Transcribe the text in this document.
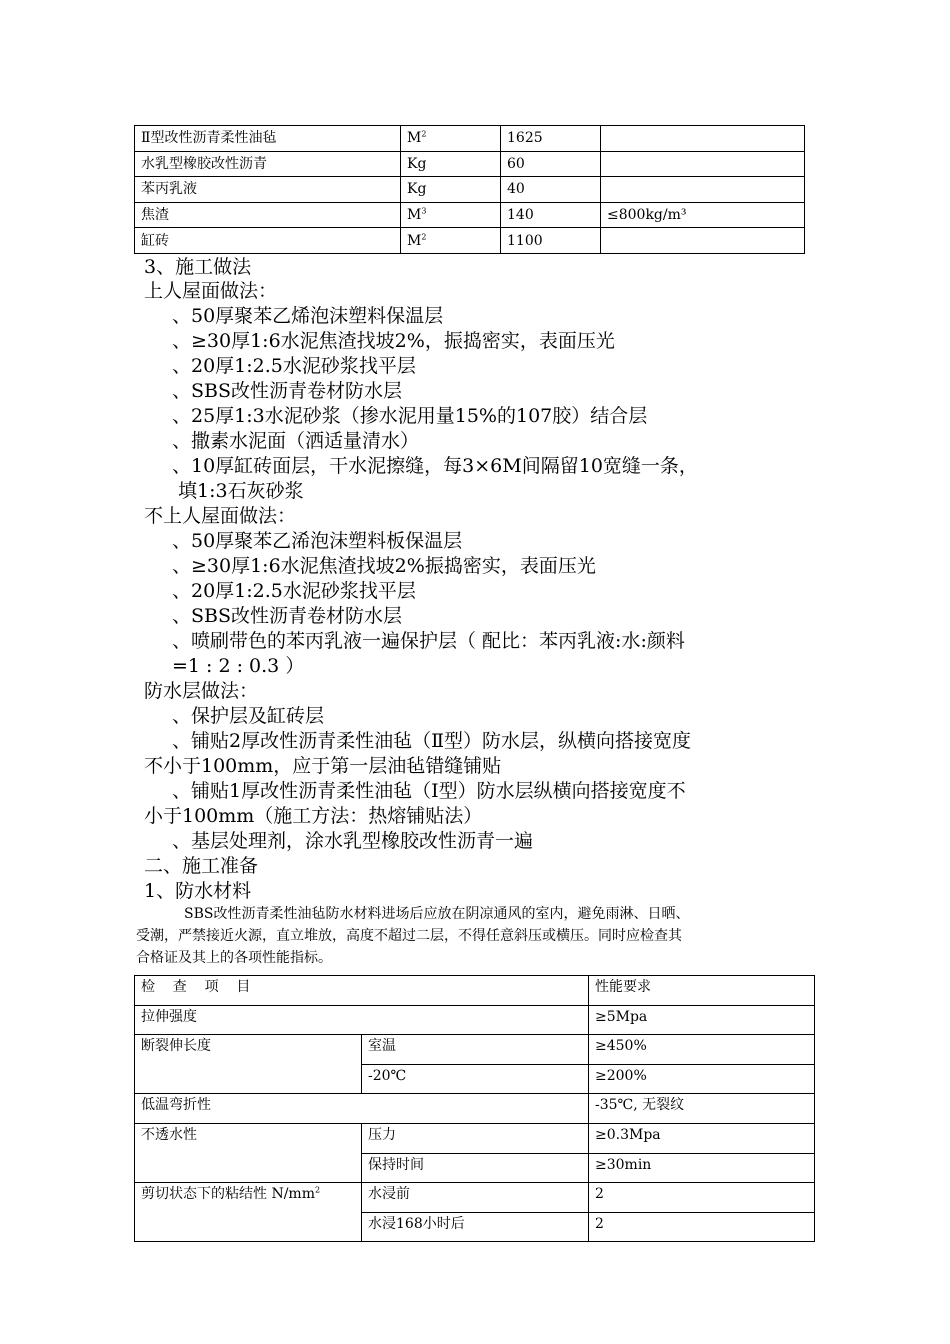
Ⅱ型改性沥青柔性油毡	$M^2$	1625	
水乳型橡胶改性沥青	Kg	60	
苯丙乳液	Kg	40	
焦渣	$M^3$	140	≤800kg/m³
缸砖	$M^2$	1100	
3、施工做法
上人屋面做法：
、50厚聚苯乙烯泡沫塑料保温层
、≥30厚1:6水泥焦渣找坡2%，振捣密实，表面压光
、20厚1:2.5水泥砂浆找平层
、SBS改性沥青卷材防水层
、25厚1:3水泥砂浆（掺水泥用量15%的107胶）结合层
、撒素水泥面（洒适量清水）
、10厚缸砖面层，干水泥擦缝，每3×6M间隔留10宽缝一条，
填1:3石灰砂浆
不上人屋面做法：
、50厚聚苯乙浠泡沫塑料板保温层
、≥30厚1:6水泥焦渣找坡2%振捣密实，表面压光
、20厚1:2.5水泥砂浆找平层
、SBS改性沥青卷材防水层
、喷刷带色的苯丙乳液一遍保护层（ 配比：苯丙乳液:水:颜料
=1 : 2 : 0.3 ）
防水层做法：
、保护层及缸砖层
、铺贴2厚改性沥青柔性油毡（Ⅱ型）防水层，纵横向搭接宽度
不小于100mm，应于第一层油毡错缝铺贴
、铺贴1厚改性沥青柔性油毡（Ⅰ型）防水层纵横向搭接宽度不
小于100mm（施工方法：热熔铺贴法）
、基层处理剂，涂水乳型橡胶改性沥青一遍
二、施工准备
1、防水材料
SBS改性沥青柔性油毡防水材料进场后应放在阴凉通风的室内，避免雨淋、日晒、
受潮，严禁接近火源，直立堆放，高度不超过二层，不得任意斜压或横压。同时应检查其
合格证及其上的各项性能指标。
检    查    项    目		性能要求
拉伸强度		≥5Mpa
断裂伸长度	室温	≥450%
	-20℃	≥200%
低温弯折性		-35℃, 无裂纹
不透水性	压力	≥0.3Mpa
	保持时间	≥30min
剪切状态下的粘结性 $N/mm^2$	水浸前	2
	水浸168小时后	2
